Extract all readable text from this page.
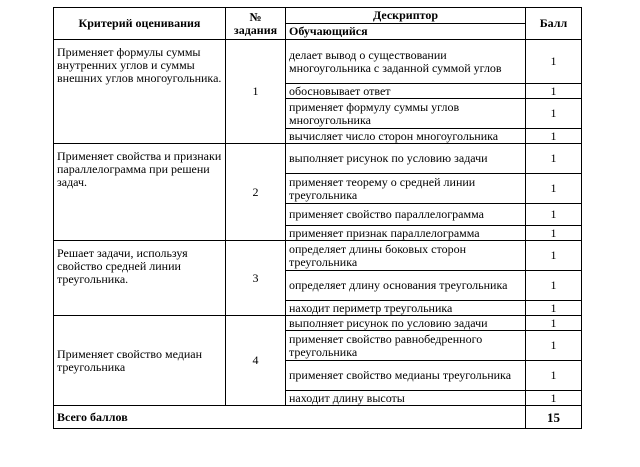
Критерий оценивания	№ задания	Дескриптор	Балл
		Обучающийся	

Применяет формулы суммы внутренних углов и суммы внешних углов многоугольника.	1	делает вывод о существовании многоугольника с заданной суммой углов	1
		обосновывает ответ	1
		применяет формулу суммы углов многоугольника	1
		вычисляет число сторон многоугольника	1

Применяет свойства и признаки параллелограмма при решени задач.	2	выполняет рисунок по условию задачи	1
		применяет теорему о средней линии треугольника	1
		применяет свойство параллелограмма	1
		применяет признак параллелограмма	1

Решает задачи, используя свойство средней линии треугольника.	3	определяет длины боковых сторон треугольника	1
		определяет длину основания треугольника	1
		находит периметр треугольника	1
Применяет свойство медиан треугольника	4	выполняет рисунок по условию задачи	1
		применяет свойство равнобедренного треугольника	1
		применяет свойство медианы треугольника	1
		находит длину высоты	1
Всего баллов			15
